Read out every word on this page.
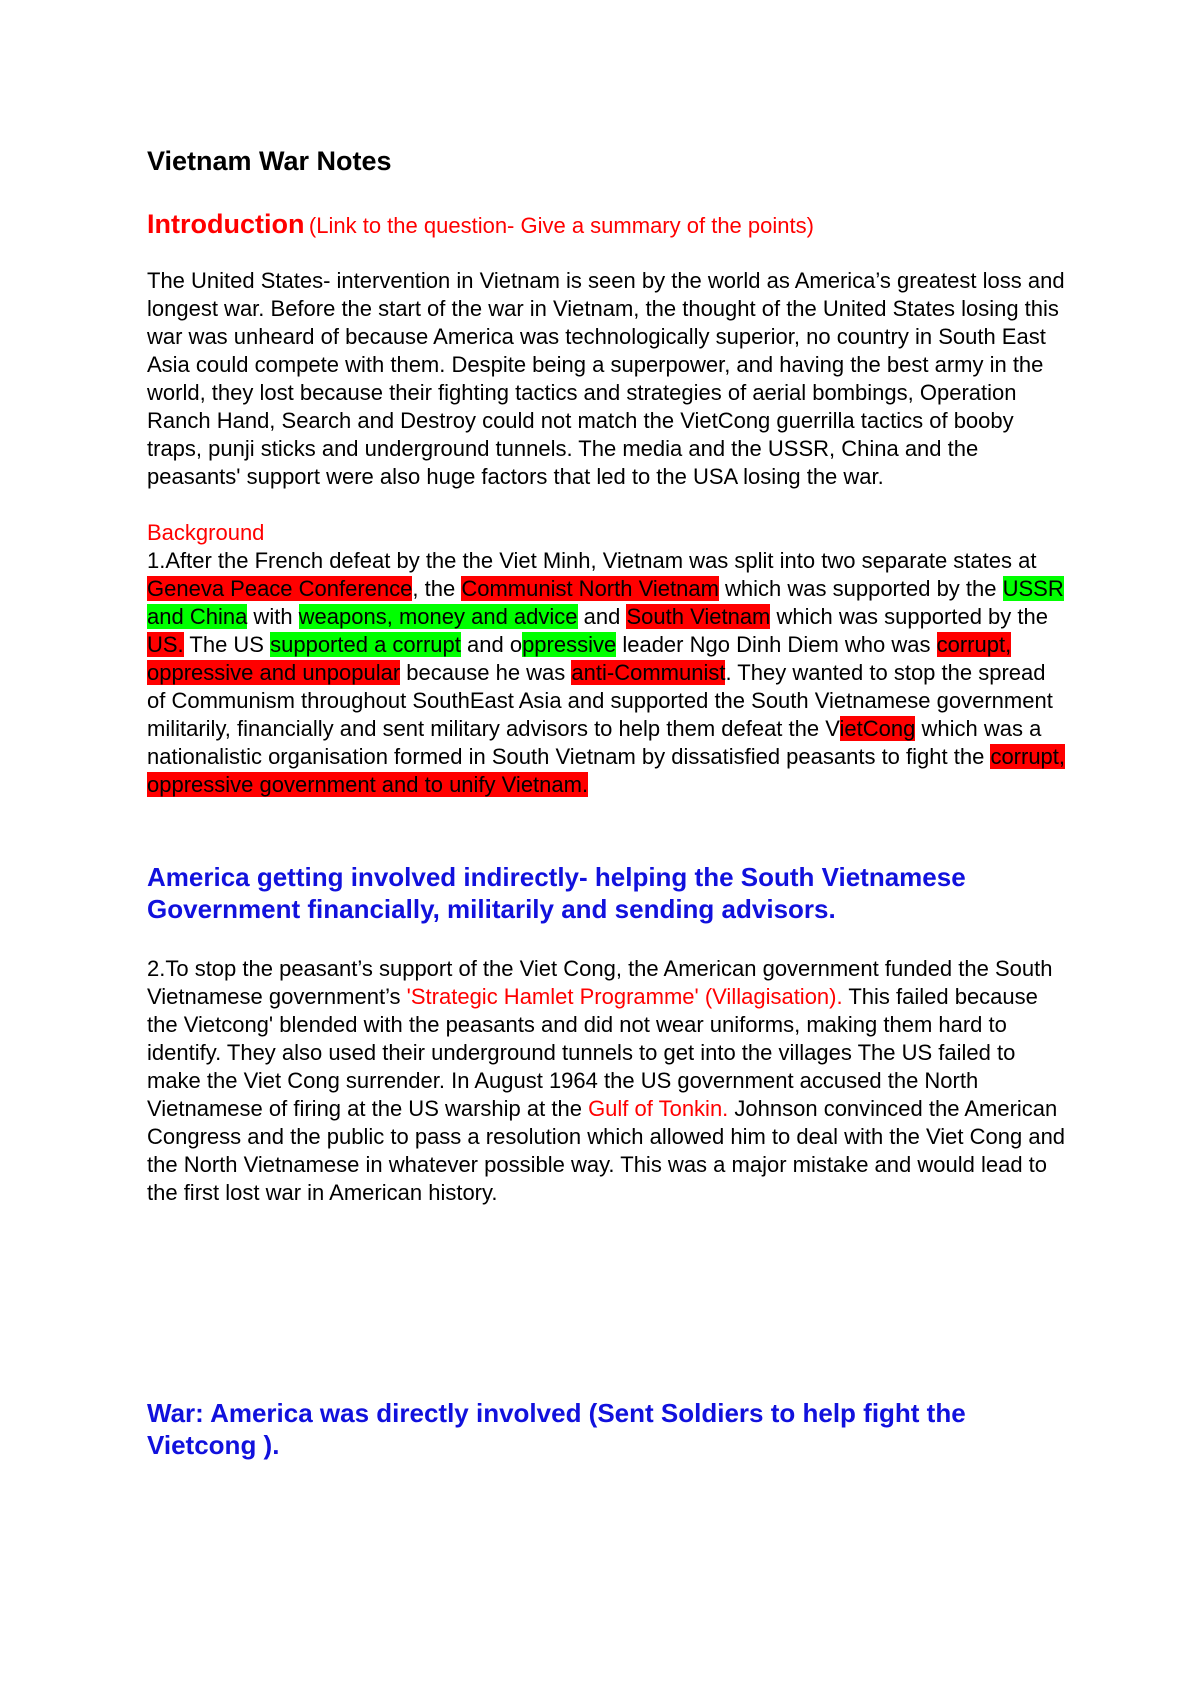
Vietnam War Notes
Introduction (Link to the question- Give a summary of the points)

The United States- intervention in Vietnam is seen by the world as America’s greatest loss and longest war. Before the start of the war in Vietnam, the thought of the United States losing this war was unheard of because America was technologically superior, no country in South East Asia could compete with them. Despite being a superpower, and having the best army in the world, they lost because their fighting tactics and strategies of aerial bombings, Operation Ranch Hand, Search and Destroy could not match the VietCong guerrilla tactics of booby traps, punji sticks and underground tunnels. The media and the USSR, China and the peasants' support were also huge factors that led to the USA losing the war.

Background

1.After the French defeat by the the Viet Minh, Vietnam was split into two separate states at Geneva Peace Conference, the Communist North Vietnam which was supported by the USSR and China with weapons, money and advice and South Vietnam which was supported by the US. The US supported a corrupt and oppressive leader Ngo Dinh Diem who was corrupt, oppressive and unpopular because he was anti-Communist. They wanted to stop the spread of Communism throughout SouthEast Asia and supported the South Vietnamese government militarily, financially and sent military advisors to help them defeat the VietCong which was a nationalistic organisation formed in South Vietnam by dissatisfied peasants to fight the corrupt, oppressive government and to unify Vietnam.

America getting involved indirectly- helping the South Vietnamese Government financially, militarily and sending advisors.

2.To stop the peasant’s support of the Viet Cong, the American government funded the South Vietnamese government’s 'Strategic Hamlet Programme' (Villagisation). This failed because the Vietcong' blended with the peasants and did not wear uniforms, making them hard to identify. They also used their underground tunnels to get into the villages The US failed to make the Viet Cong surrender. In August 1964 the US government accused the North Vietnamese of firing at the US warship at the Gulf of Tonkin. Johnson convinced the American Congress and the public to pass a resolution which allowed him to deal with the Viet Cong and the North Vietnamese in whatever possible way. This was a major mistake and would lead to the first lost war in American history.

War: America was directly involved (Sent Soldiers to help fight the Vietcong ).
